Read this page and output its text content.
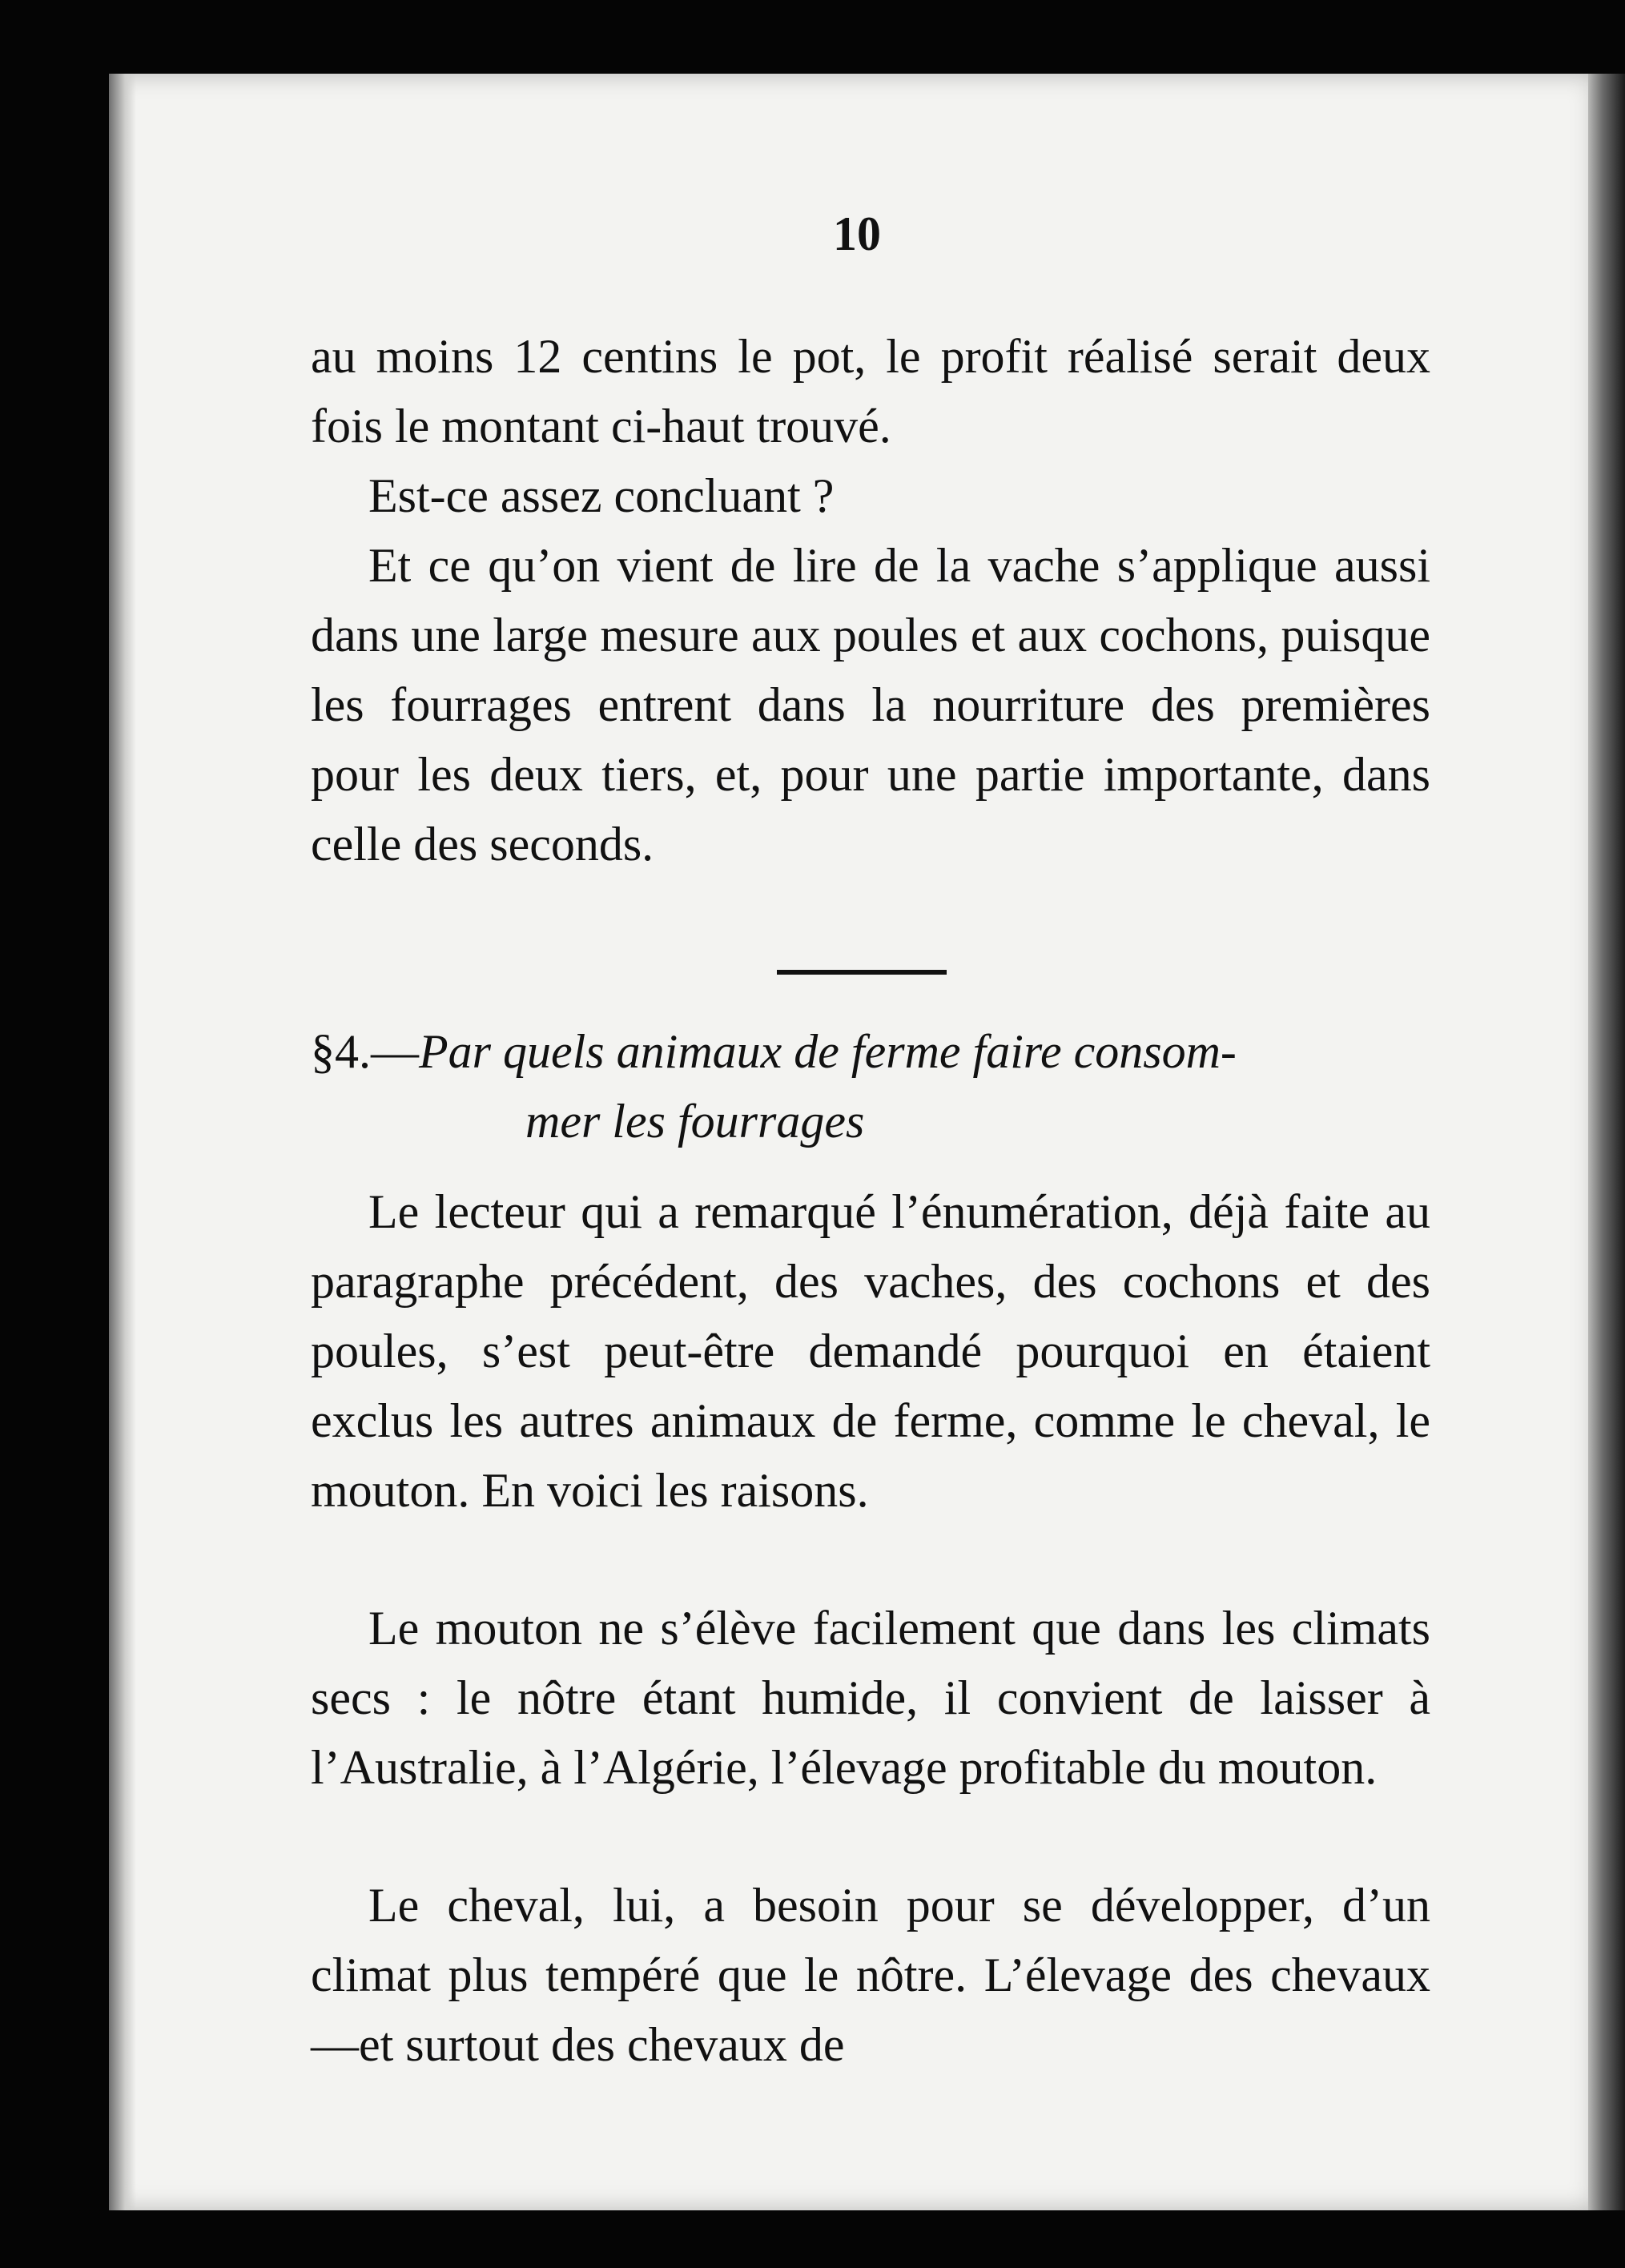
10

au moins 12 centins le pot, le profit réalisé serait deux fois le montant ci-haut trouvé.

Est-ce assez concluant ?

Et ce qu’on vient de lire de la vache s’applique aussi dans une large mesure aux poules et aux cochons, puisque les fourrages entrent dans la nourriture des premières pour les deux tiers, et, pour une partie importante, dans celle des seconds.

§4.—Par quels animaux de ferme faire consom-
mer les fourrages

Le lecteur qui a remarqué l’énumération, déjà faite au paragraphe précédent, des vaches, des cochons et des poules, s’est peut-être demandé pourquoi en étaient exclus les autres animaux de ferme, comme le cheval, le mouton. En voici les raisons.

Le mouton ne s’élève facilement que dans les climats secs : le nôtre étant humide, il convient de laisser à l’Australie, à l’Algérie, l’élevage profitable du mouton.

Le cheval, lui, a besoin pour se développer, d’un climat plus tempéré que le nôtre. L’élevage des chevaux—et surtout des chevaux de
